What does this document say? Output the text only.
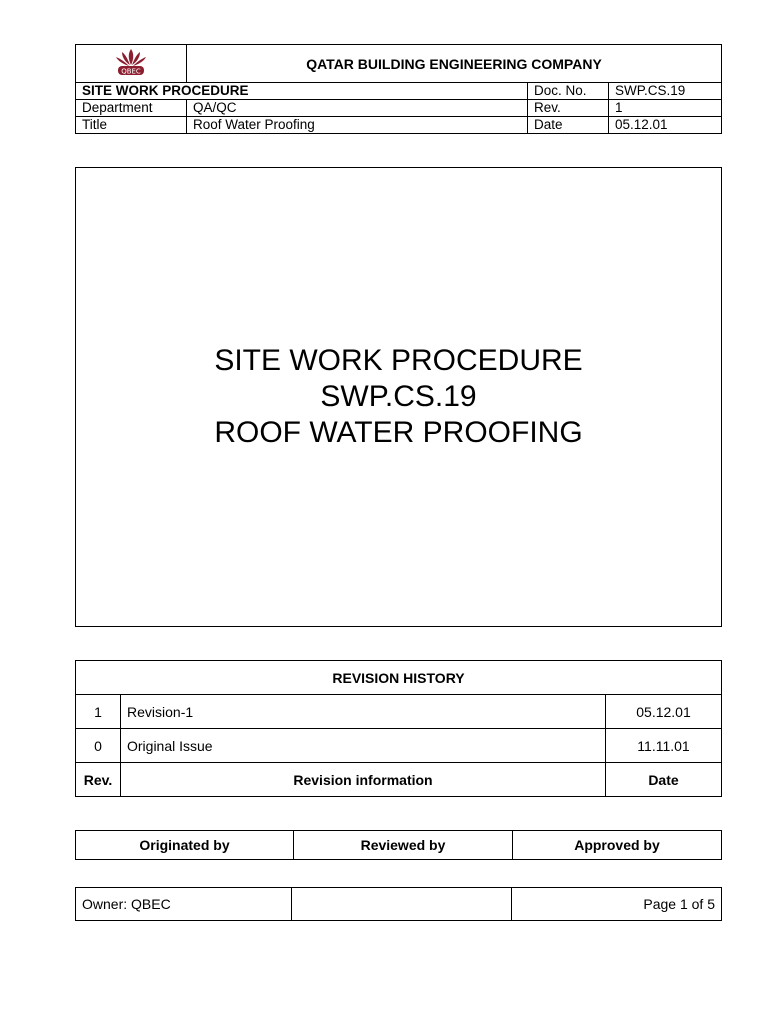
QBEC	QATAR BUILDING ENGINEERING COMPANY		
SITE WORK PROCEDURE		Doc. No.	SWP.CS.19
Department	QA/QC	Rev.	1
Title	Roof Water Proofing	Date	05.12.01
SITE WORK PROCEDURE
SWP.CS.19
ROOF WATER PROOFING
REVISION HISTORY		
1	Revision-1	05.12.01
0	Original Issue	11.11.01
Rev.	Revision information	Date
Originated by	Reviewed by	Approved by
Owner: QBEC		Page 1 of 5
